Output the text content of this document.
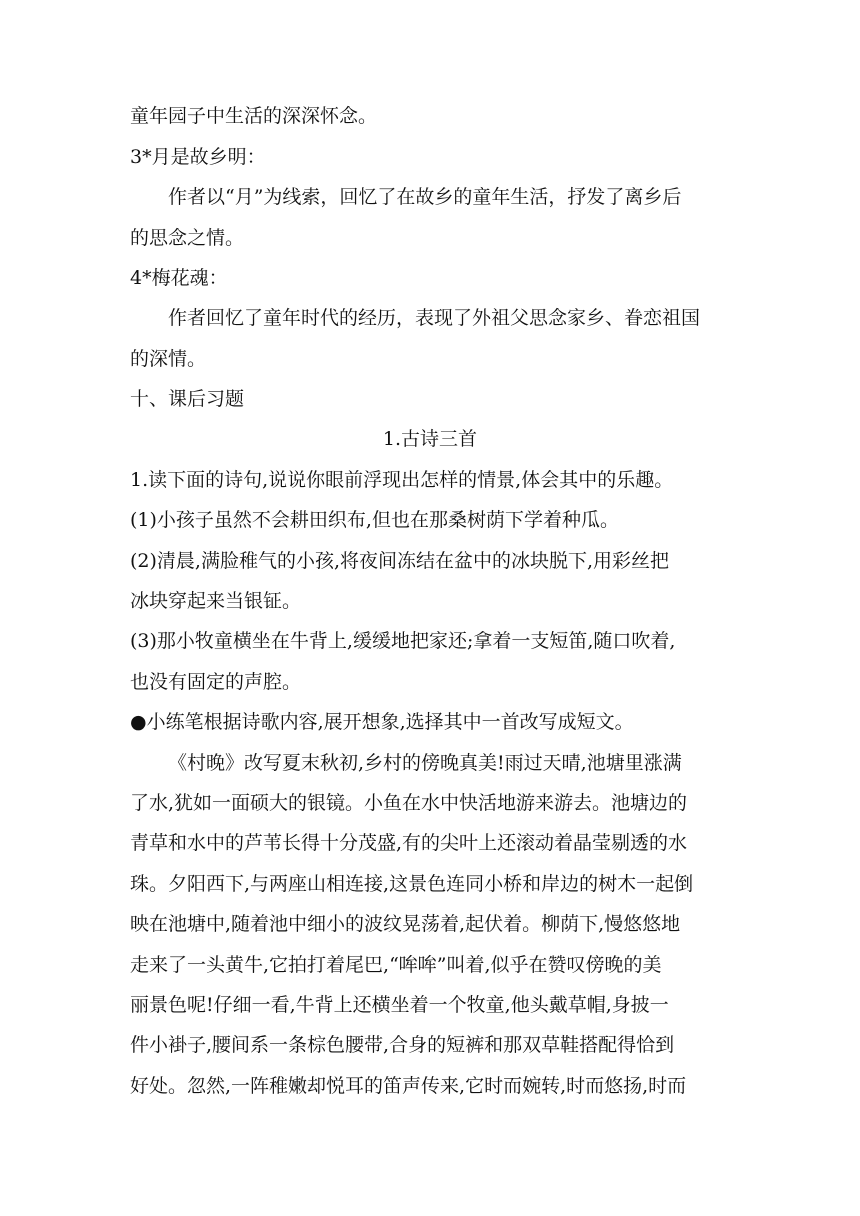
童年园子中生活的深深怀念。

3*月是故乡明：

作者以“月”为线索，回忆了在故乡的童年生活，抒发了离乡后

的思念之情。

4*梅花魂：

作者回忆了童年时代的经历，表现了外祖父思念家乡、眷恋祖国

的深情。

十、课后习题

1.古诗三首

1.读下面的诗句,说说你眼前浮现出怎样的情景,体会其中的乐趣。

(1)小孩子虽然不会耕田织布,但也在那桑树荫下学着种瓜。

(2)清晨,满脸稚气的小孩,将夜间冻结在盆中的冰块脱下,用彩丝把

冰块穿起来当银钲。

(3)那小牧童横坐在牛背上,缓缓地把家还;拿着一支短笛,随口吹着,

也没有固定的声腔。

●小练笔根据诗歌内容,展开想象,选择其中一首改写成短文。

《村晚》改写夏末秋初,乡村的傍晚真美!雨过天晴,池塘里涨满

了水,犹如一面硕大的银镜。小鱼在水中快活地游来游去。池塘边的

青草和水中的芦苇长得十分茂盛,有的尖叶上还滚动着晶莹剔透的水

珠。夕阳西下,与两座山相连接,这景色连同小桥和岸边的树木一起倒

映在池塘中,随着池中细小的波纹晃荡着,起伏着。柳荫下,慢悠悠地

走来了一头黄牛,它拍打着尾巴,“哞哞”叫着,似乎在赞叹傍晚的美

丽景色呢!仔细一看,牛背上还横坐着一个牧童,他头戴草帽,身披一

件小褂子,腰间系一条棕色腰带,合身的短裤和那双草鞋搭配得恰到

好处。忽然,一阵稚嫩却悦耳的笛声传来,它时而婉转,时而悠扬,时而
